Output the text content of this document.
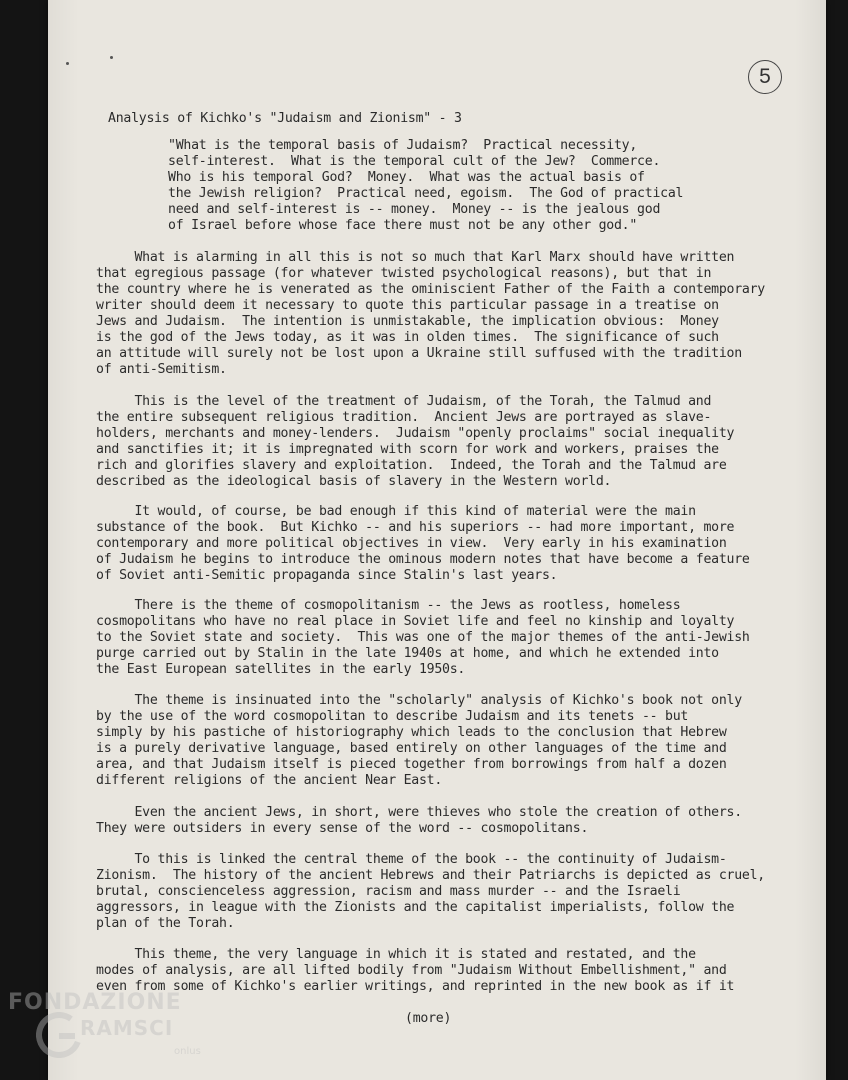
5
Analysis of Kichko's "Judaism and Zionism" - 3
"What is the temporal basis of Judaism?  Practical necessity,
self-interest.  What is the temporal cult of the Jew?  Commerce.
Who is his temporal God?  Money.  What was the actual basis of
the Jewish religion?  Practical need, egoism.  The God of practical
need and self-interest is -- money.  Money -- is the jealous god
of Israel before whose face there must not be any other god."
What is alarming in all this is not so much that Karl Marx should have written
that egregious passage (for whatever twisted psychological reasons), but that in
the country where he is venerated as the ominiscient Father of the Faith a contemporary
writer should deem it necessary to quote this particular passage in a treatise on
Jews and Judaism.  The intention is unmistakable, the implication obvious:  Money
is the god of the Jews today, as it was in olden times.  The significance of such
an attitude will surely not be lost upon a Ukraine still suffused with the tradition
of anti-Semitism.
This is the level of the treatment of Judaism, of the Torah, the Talmud and
the entire subsequent religious tradition.  Ancient Jews are portrayed as slave-
holders, merchants and money-lenders.  Judaism "openly proclaims" social inequality
and sanctifies it; it is impregnated with scorn for work and workers, praises the
rich and glorifies slavery and exploitation.  Indeed, the Torah and the Talmud are
described as the ideological basis of slavery in the Western world.
It would, of course, be bad enough if this kind of material were the main
substance of the book.  But Kichko -- and his superiors -- had more important, more
contemporary and more political objectives in view.  Very early in his examination
of Judaism he begins to introduce the ominous modern notes that have become a feature
of Soviet anti-Semitic propaganda since Stalin's last years.
There is the theme of cosmopolitanism -- the Jews as rootless, homeless
cosmopolitans who have no real place in Soviet life and feel no kinship and loyalty
to the Soviet state and society.  This was one of the major themes of the anti-Jewish
purge carried out by Stalin in the late 1940s at home, and which he extended into
the East European satellites in the early 1950s.
The theme is insinuated into the "scholarly" analysis of Kichko's book not only
by the use of the word cosmopolitan to describe Judaism and its tenets -- but
simply by his pastiche of historiography which leads to the conclusion that Hebrew
is a purely derivative language, based entirely on other languages of the time and
area, and that Judaism itself is pieced together from borrowings from half a dozen
different religions of the ancient Near East.
Even the ancient Jews, in short, were thieves who stole the creation of others.
They were outsiders in every sense of the word -- cosmopolitans.
To this is linked the central theme of the book -- the continuity of Judaism-
Zionism.  The history of the ancient Hebrews and their Patriarchs is depicted as cruel,
brutal, conscienceless aggression, racism and mass murder -- and the Israeli
aggressors, in league with the Zionists and the capitalist imperialists, follow the
plan of the Torah.
This theme, the very language in which it is stated and restated, and the
modes of analysis, are all lifted bodily from "Judaism Without Embellishment," and
even from some of Kichko's earlier writings, and reprinted in the new book as if it
(more)
FONDAZIONE
RAMSCI
onlus
